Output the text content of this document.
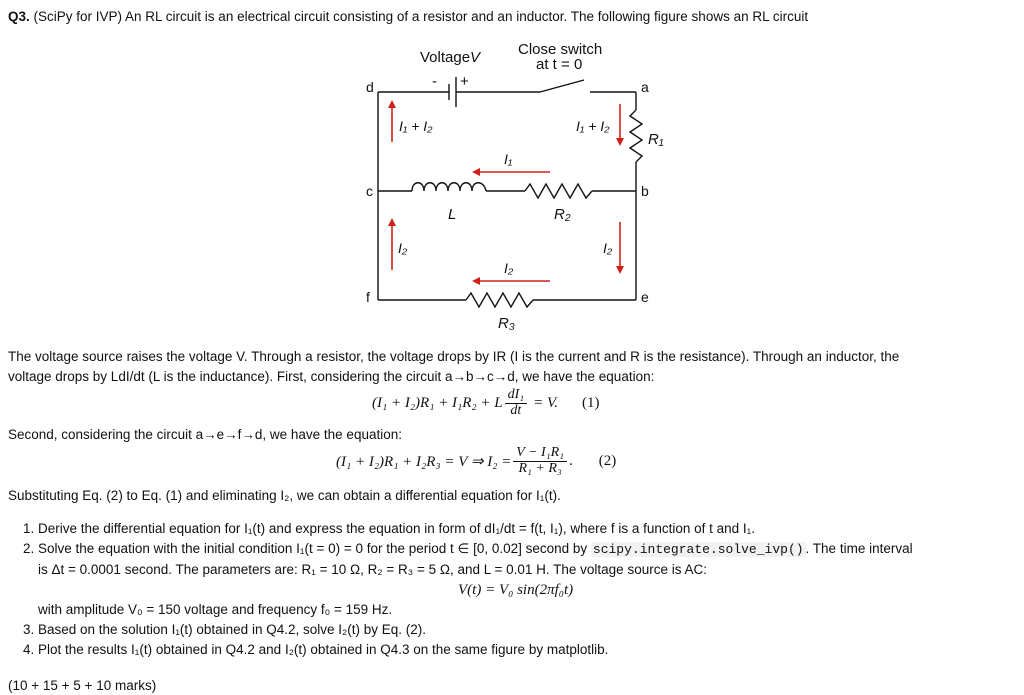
Q3. (SciPy for IVP) An RL circuit is an electrical circuit consisting of a resistor and an inductor. The following figure shows an RL circuit
VoltageV	Close switch
at t = 0
- +	a
b
c
d
e
f
L	R₂
R₁
R₃
I₁ + I₂	I₁ + I₂
I₁
I₂	I₂
I₂
The voltage source raises the voltage V. Through a resistor, the voltage drops by IR (I is the current and R is the resistance). Through an inductor, the
voltage drops by LdI/dt (L is the inductance). First, considering the circuit a→b→c→d, we have the equation:
(I₁ + I₂)R₁ + I₁R₂ + L $\frac{\text{dI₁}}{dt} = V$. (1)
Second, considering the circuit a→e→f→d, we have the equation:
(I₁ + I₂)R₁ + I₂R₃ = V ⇒ $I_2 = \frac{\text{V − I₁R₁}}{\text{R₁ + R₃}}$ . (2)
Substituting Eq. (2) to Eq. (1) and eliminating I₂, we can obtain a differential equation for I₁(t).
1. Derive the differential equation for I₁(t) and express the equation in form of dI₁/dt = f(t, I₁), where f is a function of t and I₁.
2. Solve the equation with the initial condition I₁(t = 0) = 0 for the period t ∈ [0, 0.02] second by scipy.integrate.solve_ivp() . The time interval
is Δt = 0.0001 second. The parameters are: R₁ = 10 Ω, R₂ = R₃ = 5 Ω, and L = 0.01 H. The voltage source is AC:
V(t) = V₀ sin(2πf₀t)
with amplitude V₀ = 150 voltage and frequency f₀ = 159 Hz.
3. Based on the solution I₁(t) obtained in Q4.2, solve I₂(t) by Eq. (2).
4. Plot the results I₁(t) obtained in Q4.2 and I₂(t) obtained in Q4.3 on the same figure by matplotlib.
(10 + 15 + 5 + 10 marks)
